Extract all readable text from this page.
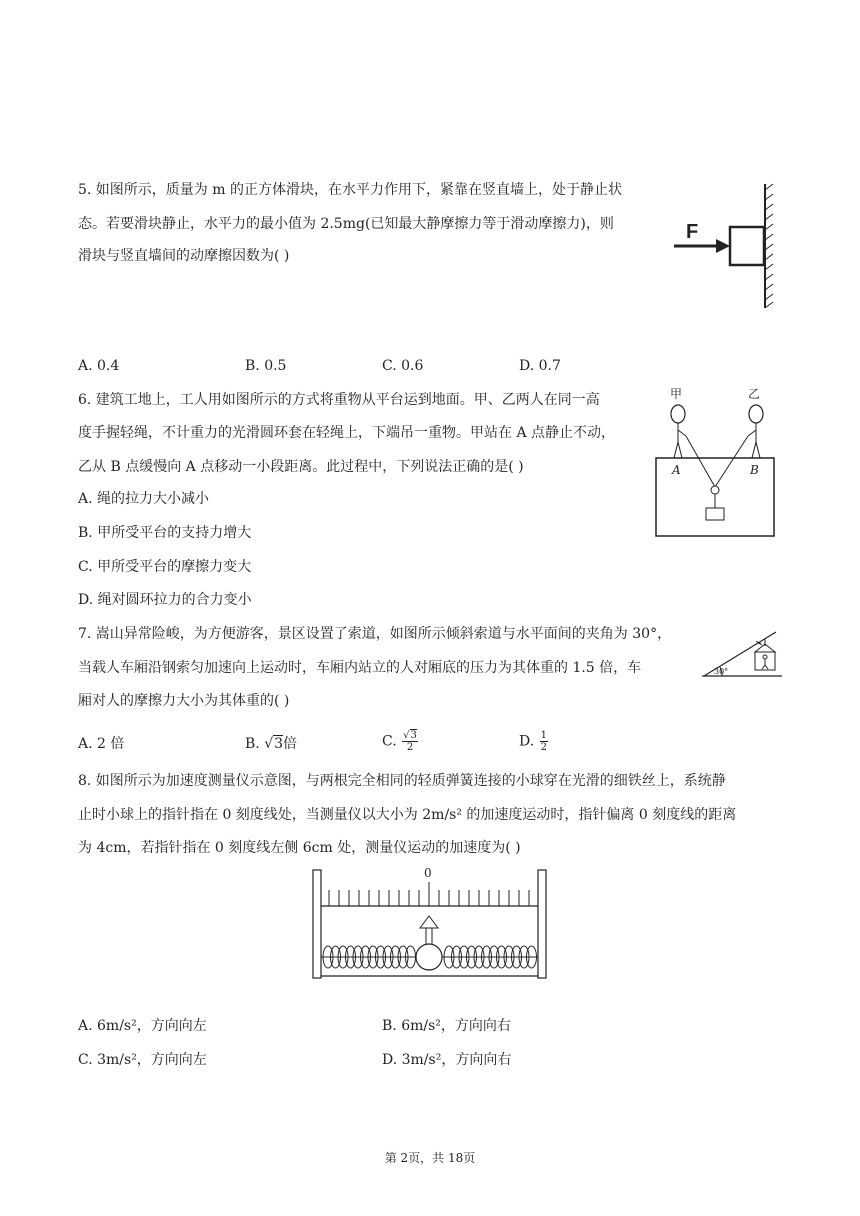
5. 如图所示，质量为 m 的正方体滑块，在水平力作用下，紧靠在竖直墙上，处于静止状
态。若要滑块静止，水平力的最小值为 2.5mg(已知最大静摩擦力等于滑动摩擦力)，则
滑块与竖直墙间的动摩擦因数为( )
F
A. 0.4	B. 0.5	C. 0.6	D. 0.7
6. 建筑工地上，工人用如图所示的方式将重物从平台运到地面。甲、乙两人在同一高
度手握轻绳，不计重力的光滑圆环套在轻绳上，下端吊一重物。甲站在 A 点静止不动，
乙从 B 点缓慢向 A 点移动一小段距离。此过程中，下列说法正确的是( )
甲	乙
A	B
A. 绳的拉力大小减小
B. 甲所受平台的支持力增大
C. 甲所受平台的摩擦力变大
D. 绳对圆环拉力的合力变小
7. 嵩山异常险峻，为方便游客，景区设置了索道，如图所示倾斜索道与水平面间的夹角为 30°，
当载人车厢沿钢索匀加速向上运动时，车厢内站立的人对厢底的压力为其体重的 1.5 倍，车
厢对人的摩擦力大小为其体重的( )
30°
A. 2 倍	B. √3倍	C. $\frac{√3}{2}$	D. $\frac{1}{2}$
8. 如图所示为加速度测量仪示意图，与两根完全相同的轻质弹簧连接的小球穿在光滑的细铁丝上，系统静
止时小球上的指针指在 0 刻度线处，当测量仪以大小为 2m/s² 的加速度运动时，指针偏离 0 刻度线的距离
为 4cm，若指针指在 0 刻度线左侧 6cm 处，测量仪运动的加速度为( )
0
A. 6m/s²，方向向左	B. 6m/s²，方向向右
C. 3m/s²，方向向左	D. 3m/s²，方向向右
第 2页，共 18页
